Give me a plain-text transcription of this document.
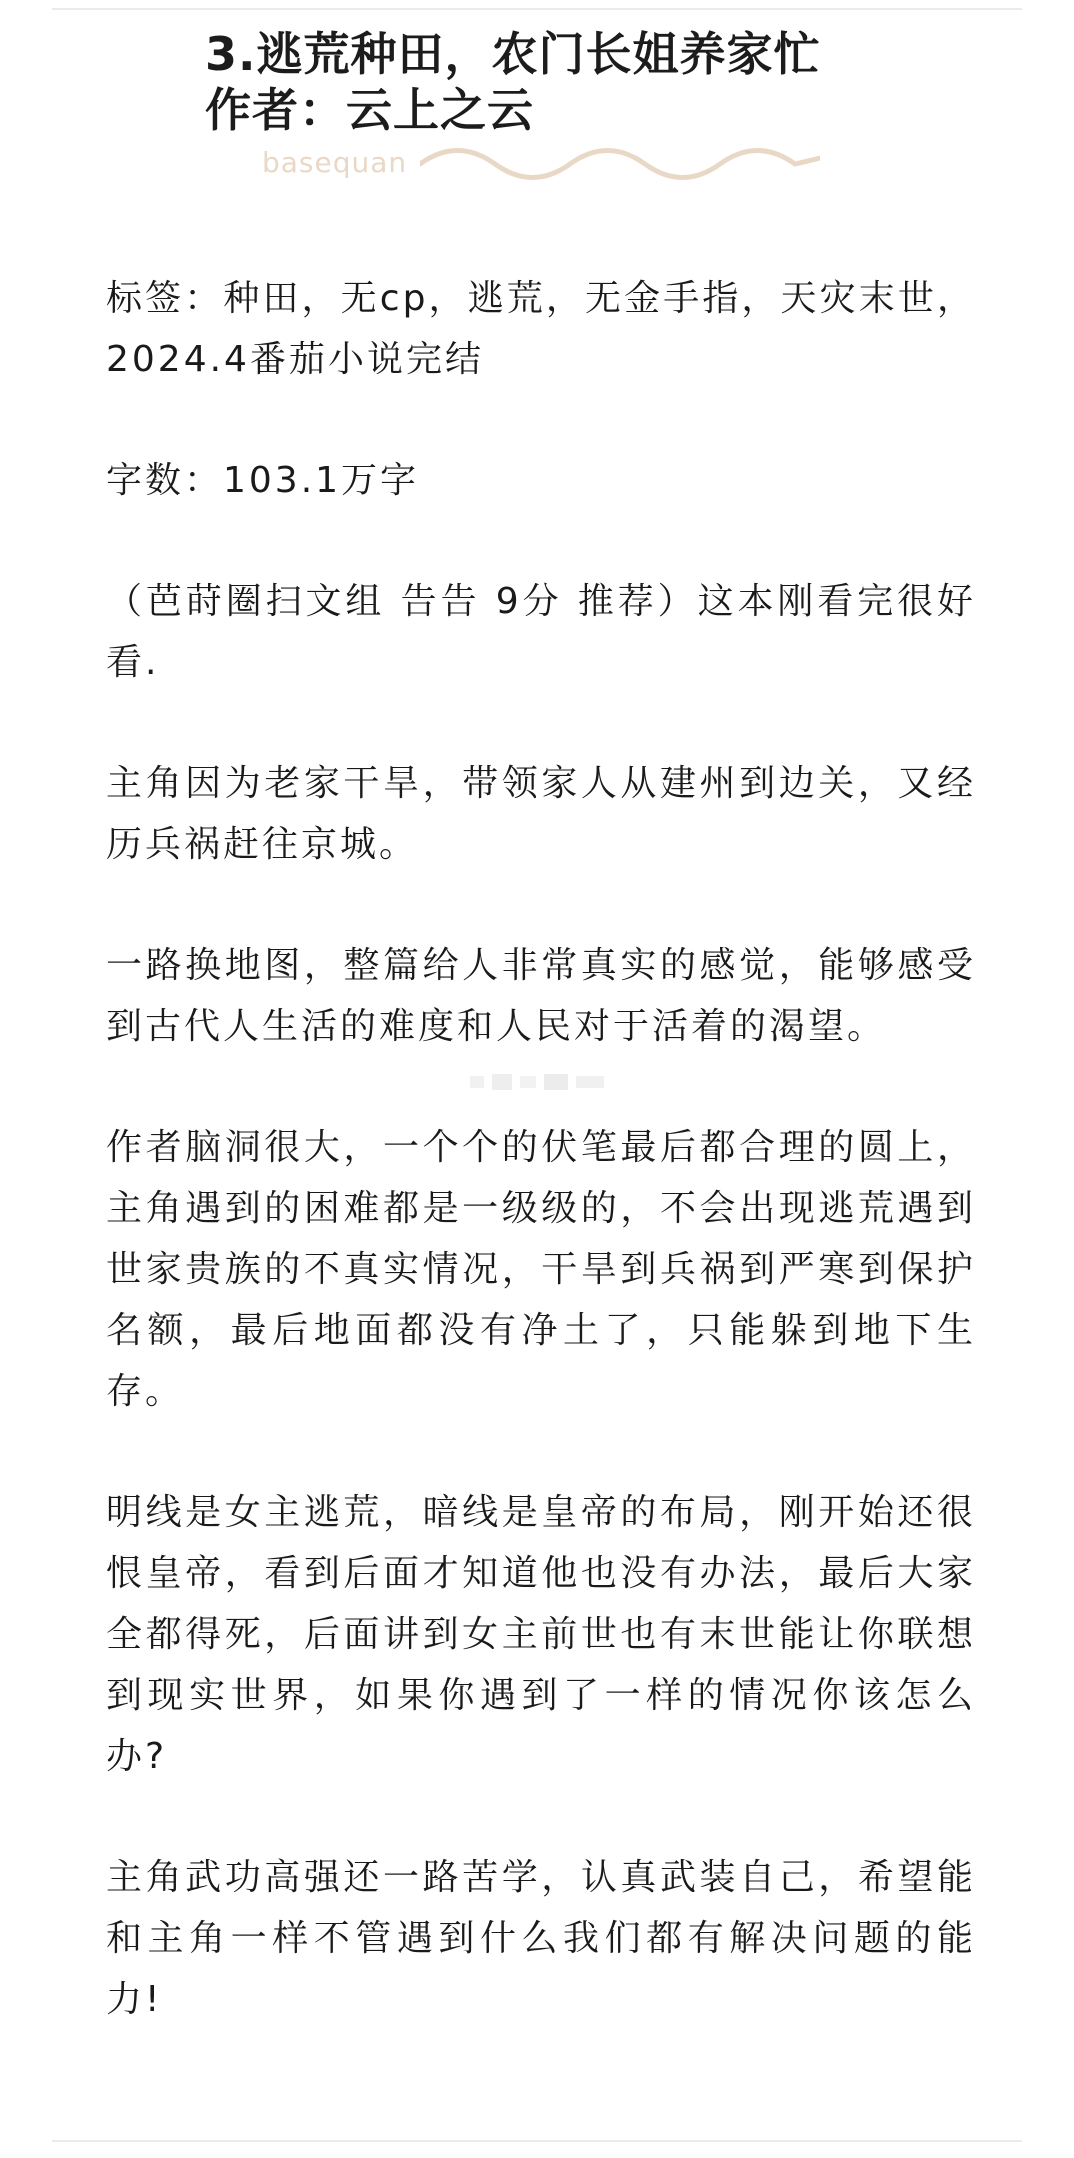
3.逃荒种田，农门长姐养家忙
作者：云上之云
basequan

标签：种田，无cp，逃荒，无金手指，天灾末世，2024.4番茄小说完结

字数：103.1万字

（芭莳圈扫文组 告告 9分 推荐）这本刚看完很好看.

主角因为老家干旱，带领家人从建州到边关，又经历兵祸赶往京城。

一路换地图，整篇给人非常真实的感觉，能够感受到古代人生活的难度和人民对于活着的渴望。

作者脑洞很大，一个个的伏笔最后都合理的圆上，主角遇到的困难都是一级级的，不会出现逃荒遇到世家贵族的不真实情况，干旱到兵祸到严寒到保护名额，最后地面都没有净土了，只能躲到地下生存。

明线是女主逃荒，暗线是皇帝的布局，刚开始还很恨皇帝，看到后面才知道他也没有办法，最后大家全都得死，后面讲到女主前世也有末世能让你联想到现实世界，如果你遇到了一样的情况你该怎么办?

主角武功高强还一路苦学，认真武装自己，希望能和主角一样不管遇到什么我们都有解决问题的能力!
